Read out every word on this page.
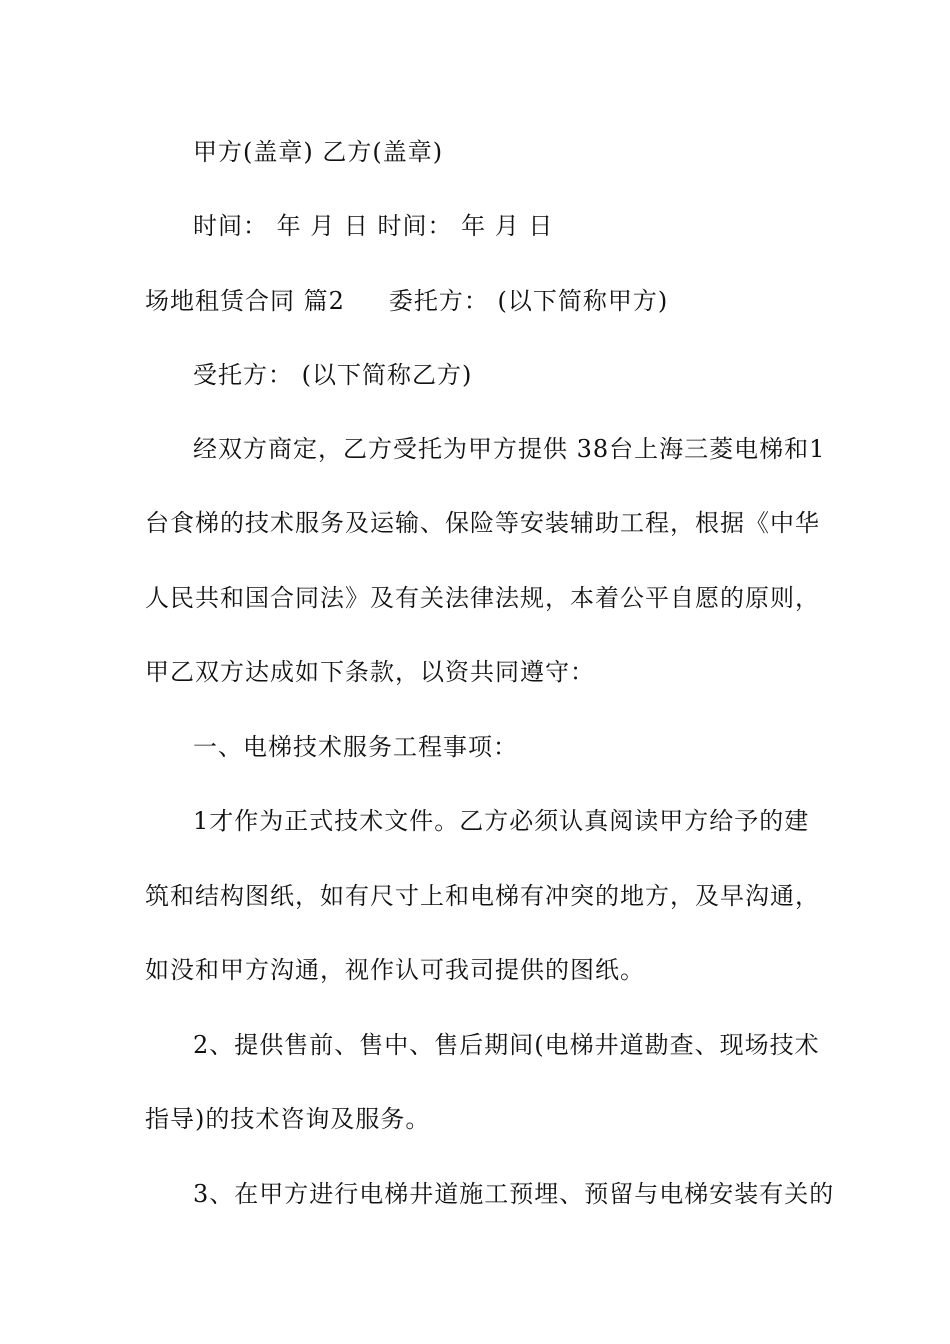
甲方(盖章) 乙方(盖章)
时间： 年 月 日 时间： 年 月 日
场地租赁合同 篇2 委托方： (以下简称甲方)
受托方： (以下简称乙方)
经双方商定，乙方受托为甲方提供 38台上海三菱电梯和1
台食梯的技术服务及运输、保险等安装辅助工程，根据《中华
人民共和国合同法》及有关法律法规，本着公平自愿的原则，
甲乙双方达成如下条款，以资共同遵守：
一、电梯技术服务工程事项：
1才作为正式技术文件。乙方必须认真阅读甲方给予的建
筑和结构图纸，如有尺寸上和电梯有冲突的地方，及早沟通，
如没和甲方沟通，视作认可我司提供的图纸。
2、提供售前、售中、售后期间(电梯井道勘查、现场技术
指导)的技术咨询及服务。
3、在甲方进行电梯井道施工预埋、预留与电梯安装有关的
